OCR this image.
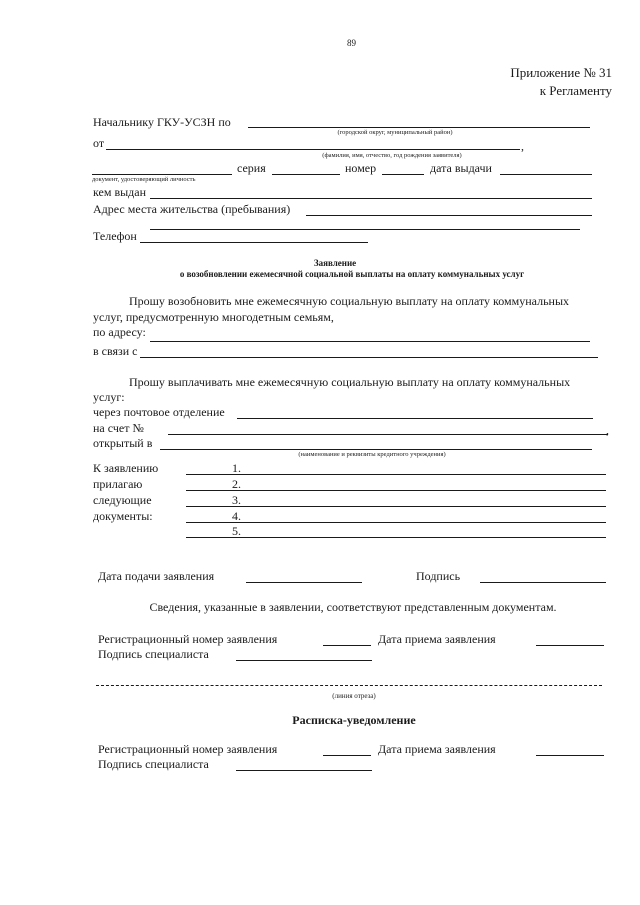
89
Приложение № 31
к Регламенту
Начальнику ГКУ-УСЗН по
(городской округ, муниципальный район)
от	,
(фамилия, имя, отчество, год рождения заявителя)
серия	номер	дата выдачи
документ, удостоверяющий личность
кем выдан
Адрес места жительства (пребывания)
Телефон
Заявление
о возобновлении ежемесячной социальной выплаты на оплату коммунальных услуг
Прошу возобновить мне ежемесячную социальную выплату на оплату коммунальных
услуг, предусмотренную многодетным семьям,
по адресу:
в связи с
Прошу выплачивать мне ежемесячную социальную выплату на оплату коммунальных
услуг:
через почтовое отделение
на счет №	,
открытый в
(наименование и реквизиты кредитного учреждения)
К заявлению
прилагаю
следующие
документы:
1.
2.
3.
4.
5.
Дата подачи заявления	Подпись
Сведения, указанные в заявлении, соответствуют представленным документам.
Регистрационный номер заявления	Дата приема заявления
Подпись специалиста
(линия отреза)
Расписка-уведомление
Регистрационный номер заявления	Дата приема заявления
Подпись специалиста
